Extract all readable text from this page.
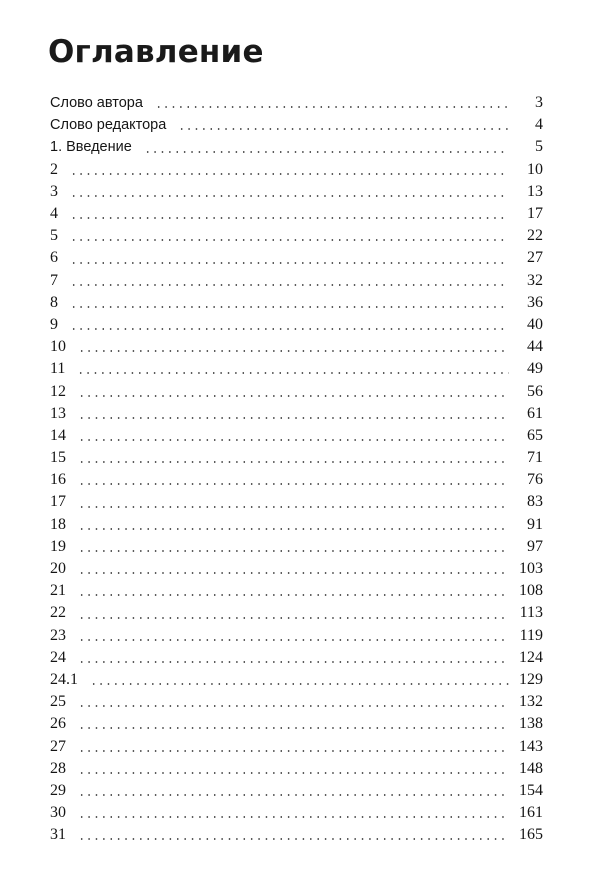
Оглавление
Слово автора	3
Слово редактора	4
1. Введение	5
2	10
3	13
4	17
5	22
6	27
7	32
8	36
9	40
10	44
11	49
12	56
13	61
14	65
15	71
16	76
17	83
18	91
19	97
20	103
21	108
22	113
23	119
24	124
24.1	129
25	132
26	138
27	143
28	148
29	154
30	161
31	165
